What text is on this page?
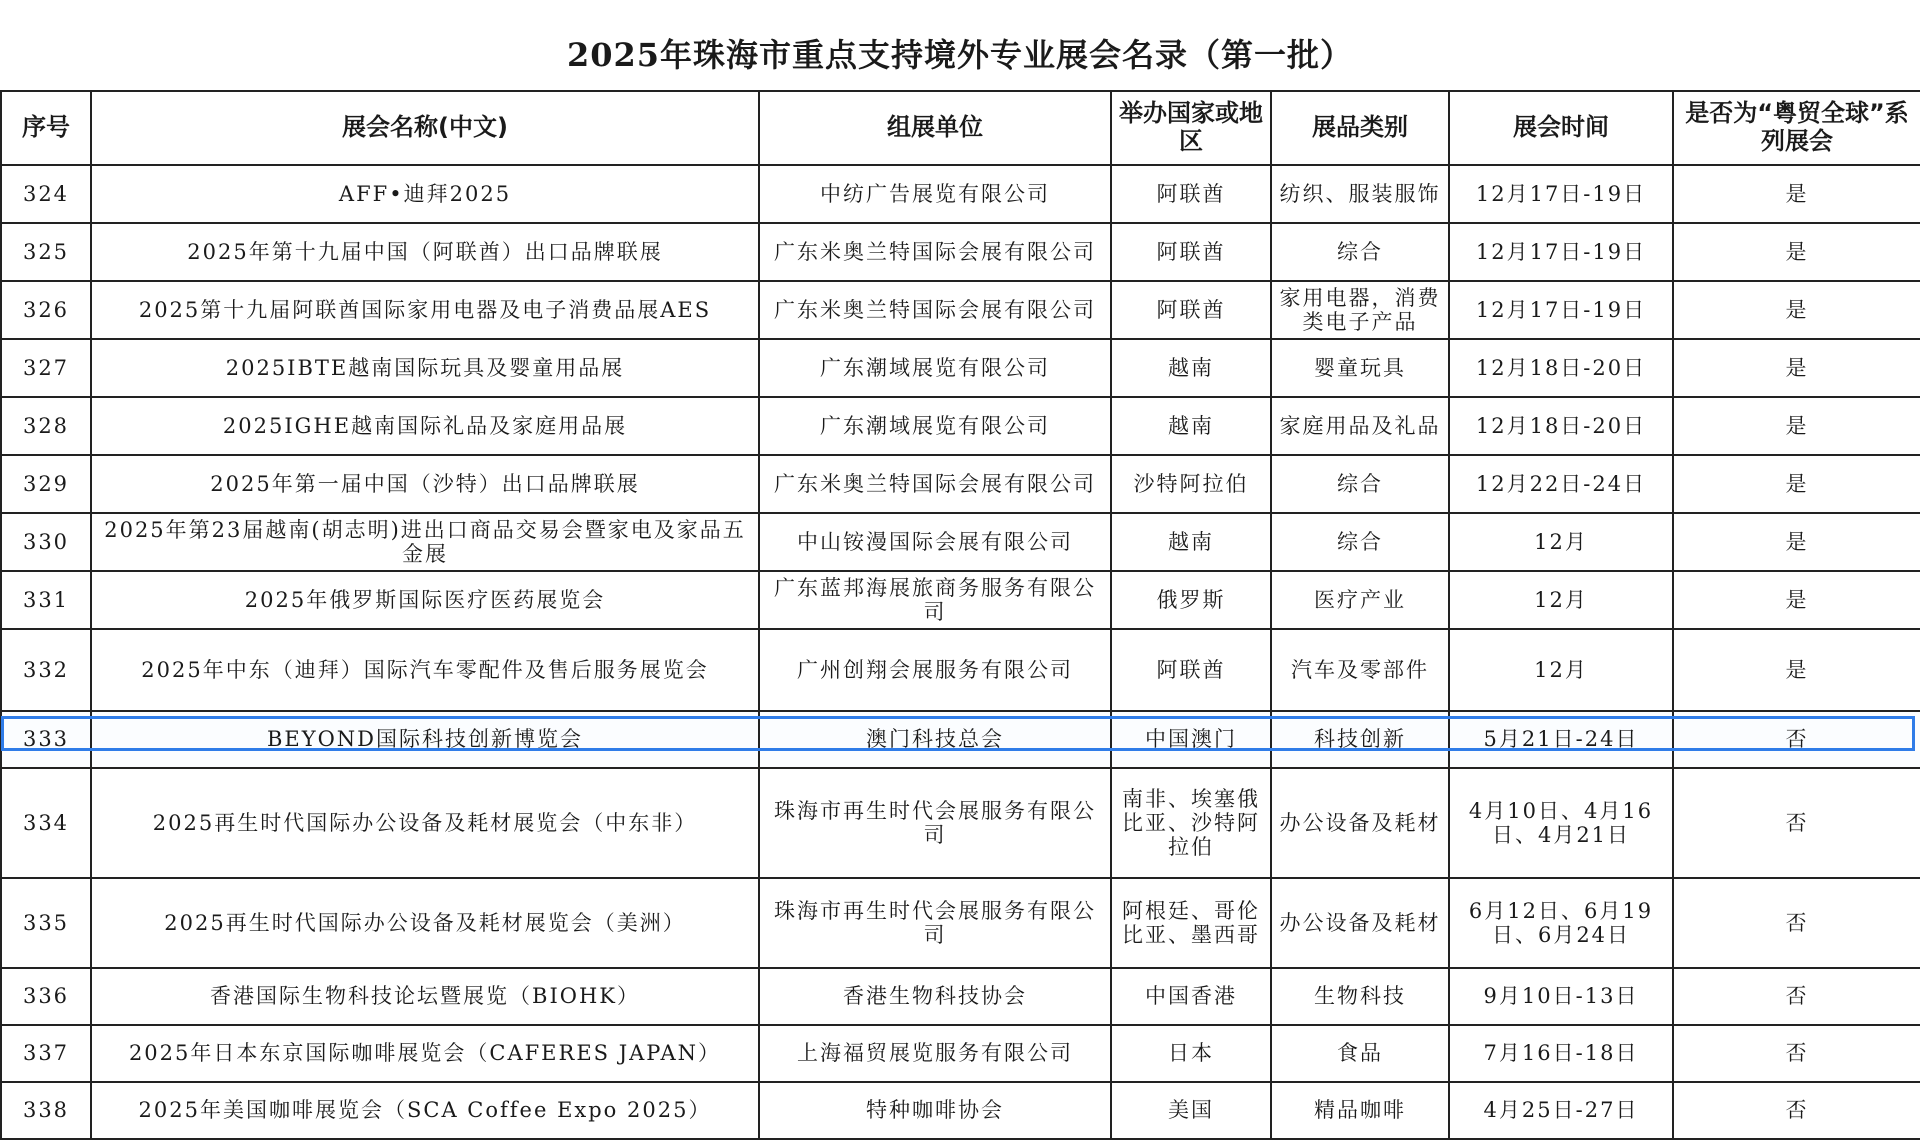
2025年珠海市重点支持境外专业展会名录（第一批）
序号	展会名称(中文)	组展单位	举办国家或地区	展品类别	展会时间	是否为“粤贸全球”系列展会
324	AFF•迪拜2025	中纺广告展览有限公司	阿联酋	纺织、服装服饰	12月17日-19日	是
325	2025年第十九届中国（阿联酋）出口品牌联展	广东米奥兰特国际会展有限公司	阿联酋	综合	12月17日-19日	是
326	2025第十九届阿联酋国际家用电器及电子消费品展AES	广东米奥兰特国际会展有限公司	阿联酋	家用电器，消费类电子产品	12月17日-19日	是
327	2025IBTE越南国际玩具及婴童用品展	广东潮域展览有限公司	越南	婴童玩具	12月18日-20日	是
328	2025IGHE越南国际礼品及家庭用品展	广东潮域展览有限公司	越南	家庭用品及礼品	12月18日-20日	是
329	2025年第一届中国（沙特）出口品牌联展	广东米奥兰特国际会展有限公司	沙特阿拉伯	综合	12月22日-24日	是
330	2025年第23届越南(胡志明)进出口商品交易会暨家电及家品五金展	中山铵漫国际会展有限公司	越南	综合	12月	是
331	2025年俄罗斯国际医疗医药展览会	广东蓝邦海展旅商务服务有限公司	俄罗斯	医疗产业	12月	是
332	2025年中东（迪拜）国际汽车零配件及售后服务展览会	广州创翔会展服务有限公司	阿联酋	汽车及零部件	12月	是
333	BEYOND国际科技创新博览会	澳门科技总会	中国澳门	科技创新	5月21日-24日	否
334	2025再生时代国际办公设备及耗材展览会（中东非）	珠海市再生时代会展服务有限公司	南非、埃塞俄比亚、沙特阿拉伯	办公设备及耗材	4月10日、4月16日、4月21日	否
335	2025再生时代国际办公设备及耗材展览会（美洲）	珠海市再生时代会展服务有限公司	阿根廷、哥伦比亚、墨西哥	办公设备及耗材	6月12日、6月19日、6月24日	否
336	香港国际生物科技论坛暨展览（BIOHK）	香港生物科技协会	中国香港	生物科技	9月10日-13日	否
337	2025年日本东京国际咖啡展览会（CAFERES JAPAN）	上海福贸展览服务有限公司	日本	食品	7月16日-18日	否
338	2025年美国咖啡展览会（SCA Coffee Expo 2025）	特种咖啡协会	美国	精品咖啡	4月25日-27日	否
